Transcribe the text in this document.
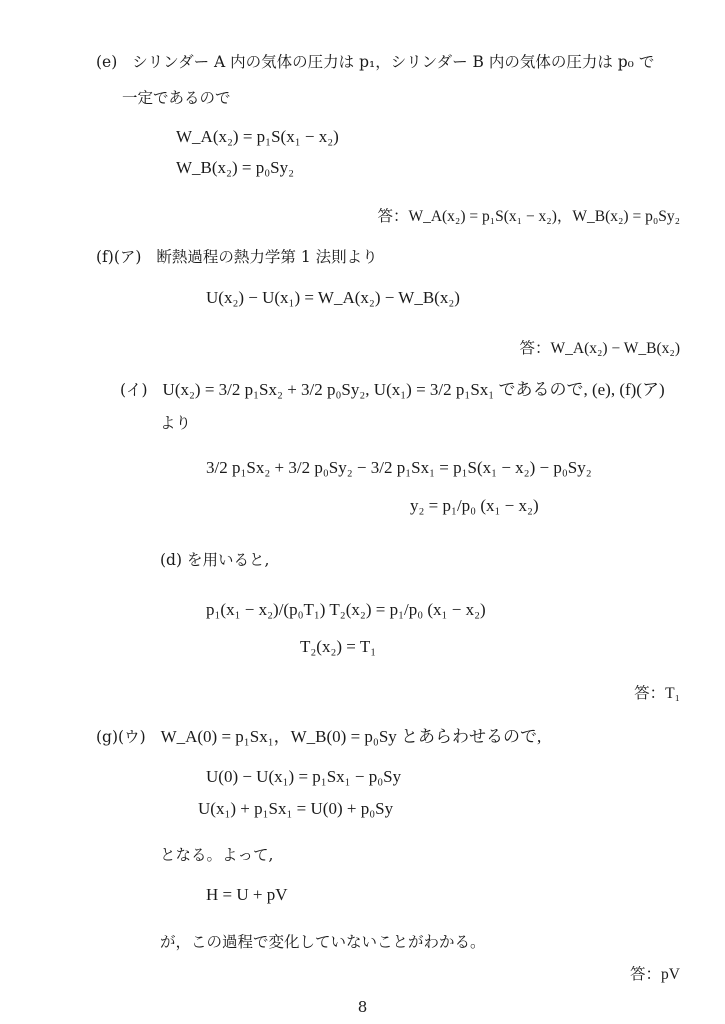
(e) シリンダー A 内の気体の圧力は p₁，シリンダー B 内の気体の圧力は p₀ で
一定であるので
W_A(x₂) = p₁S(x₁ − x₂)
W_B(x₂) = p₀Sy₂
答：W_A(x₂) = p₁S(x₁ − x₂)，W_B(x₂) = p₀Sy₂
(f)(ア) 断熱過程の熱力学第 1 法則より
U(x₂) − U(x₁) = W_A(x₂) − W_B(x₂)
答：W_A(x₂) − W_B(x₂)
(イ) U(x₂) = 3/2 p₁Sx₂ + 3/2 p₀Sy₂, U(x₁) = 3/2 p₁Sx₁ であるので, (e), (f)(ア)
より
3/2 p₁Sx₂ + 3/2 p₀Sy₂ − 3/2 p₁Sx₁ = p₁S(x₁ − x₂) − p₀Sy₂
y₂ = p₁/p₀ (x₁ − x₂)
(d) を用いると,
p₁(x₁ − x₂)/(p₀T₁) T₂(x₂) = p₁/p₀ (x₁ − x₂)
T₂(x₂) = T₁
答：T₁
(g)(ウ) W_A(0) = p₁Sx₁，W_B(0) = p₀Sy とあらわせるので,
U(0) − U(x₁) = p₁Sx₁ − p₀Sy
U(x₁) + p₁Sx₁ = U(0) + p₀Sy
となる。よって,
H = U + pV
が，この過程で変化していないことがわかる。
答：pV
8
